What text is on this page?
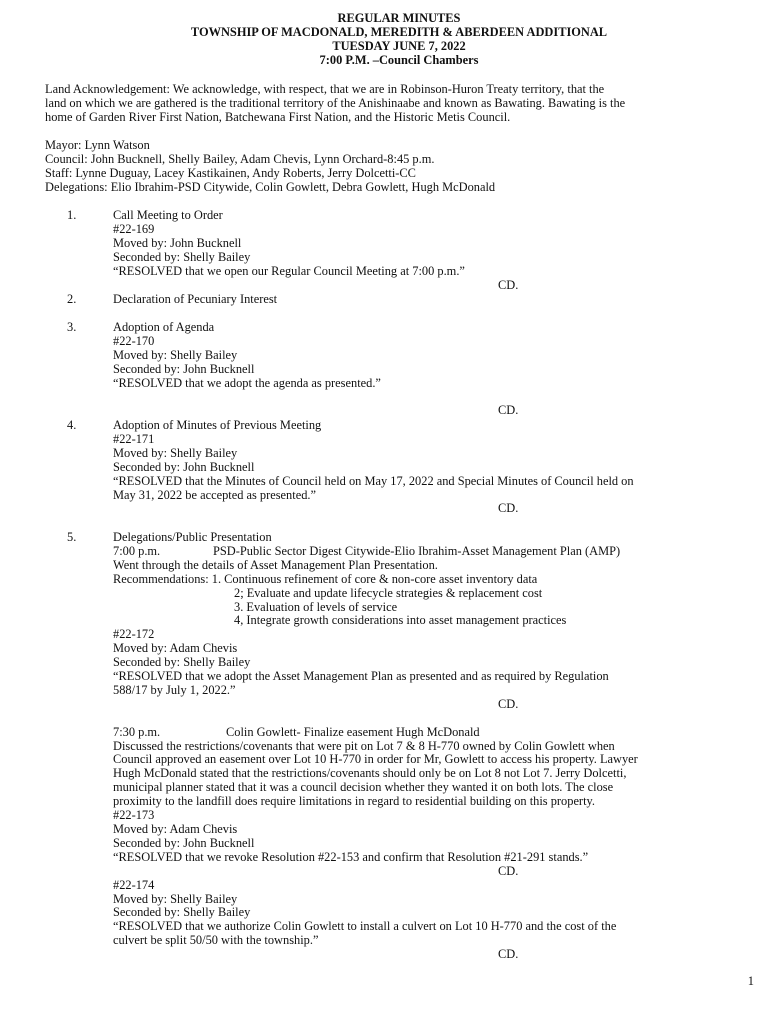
REGULAR MINUTES
TOWNSHIP OF MACDONALD, MEREDITH & ABERDEEN ADDITIONAL
TUESDAY JUNE 7, 2022
7:00 P.M. –Council Chambers
Land Acknowledgement: We acknowledge, with respect, that we are in Robinson-Huron Treaty territory, that the
land on which we are gathered is the traditional territory of the Anishinaabe and known as Bawating. Bawating is the
home of Garden River First Nation, Batchewana First Nation, and the Historic Metis Council.
Mayor: Lynn Watson
Council: John Bucknell, Shelly Bailey, Adam Chevis, Lynn Orchard-8:45 p.m.
Staff: Lynne Duguay, Lacey Kastikainen, Andy Roberts, Jerry Dolcetti-CC
Delegations: Elio Ibrahim-PSD Citywide, Colin Gowlett, Debra Gowlett, Hugh McDonald
1.	Call Meeting to Order
#22-169
Moved by: John Bucknell
Seconded by: Shelly Bailey
“RESOLVED that we open our Regular Council Meeting at 7:00 p.m.”
CD.
2.	Declaration of Pecuniary Interest
3.	Adoption of Agenda
#22-170
Moved by: Shelly Bailey
Seconded by: John Bucknell
“RESOLVED that we adopt the agenda as presented.”
CD.
4.	Adoption of Minutes of Previous Meeting
#22-171
Moved by: Shelly Bailey
Seconded by: John Bucknell
“RESOLVED that the Minutes of Council held on May 17, 2022 and Special Minutes of Council held on
May 31, 2022 be accepted as presented.”
CD.
5.	Delegations/Public Presentation
7:00 p.m.	PSD-Public Sector Digest Citywide-Elio Ibrahim-Asset Management Plan (AMP)
Went through the details of Asset Management Plan Presentation.
Recommendations: 1. Continuous refinement of core & non-core asset inventory data
2; Evaluate and update lifecycle strategies & replacement cost
3. Evaluation of levels of service
4, Integrate growth considerations into asset management practices
#22-172
Moved by: Adam Chevis
Seconded by: Shelly Bailey
“RESOLVED that we adopt the Asset Management Plan as presented and as required by Regulation
588/17 by July 1, 2022.”
CD.
7:30 p.m.	Colin Gowlett- Finalize easement Hugh McDonald
Discussed the restrictions/covenants that were pit on Lot 7 & 8 H-770 owned by Colin Gowlett when
Council approved an easement over Lot 10 H-770 in order for Mr, Gowlett to access his property. Lawyer
Hugh McDonald stated that the restrictions/covenants should only be on Lot 8 not Lot 7. Jerry Dolcetti,
municipal planner stated that it was a council decision whether they wanted it on both lots. The close
proximity to the landfill does require limitations in regard to residential building on this property.
#22-173
Moved by: Adam Chevis
Seconded by: John Bucknell
“RESOLVED that we revoke Resolution #22-153 and confirm that Resolution #21-291 stands.”
CD.
#22-174
Moved by: Shelly Bailey
Seconded by: Shelly Bailey
“RESOLVED that we authorize Colin Gowlett to install a culvert on Lot 10 H-770 and the cost of the
culvert be split 50/50 with the township.”
CD.
1
